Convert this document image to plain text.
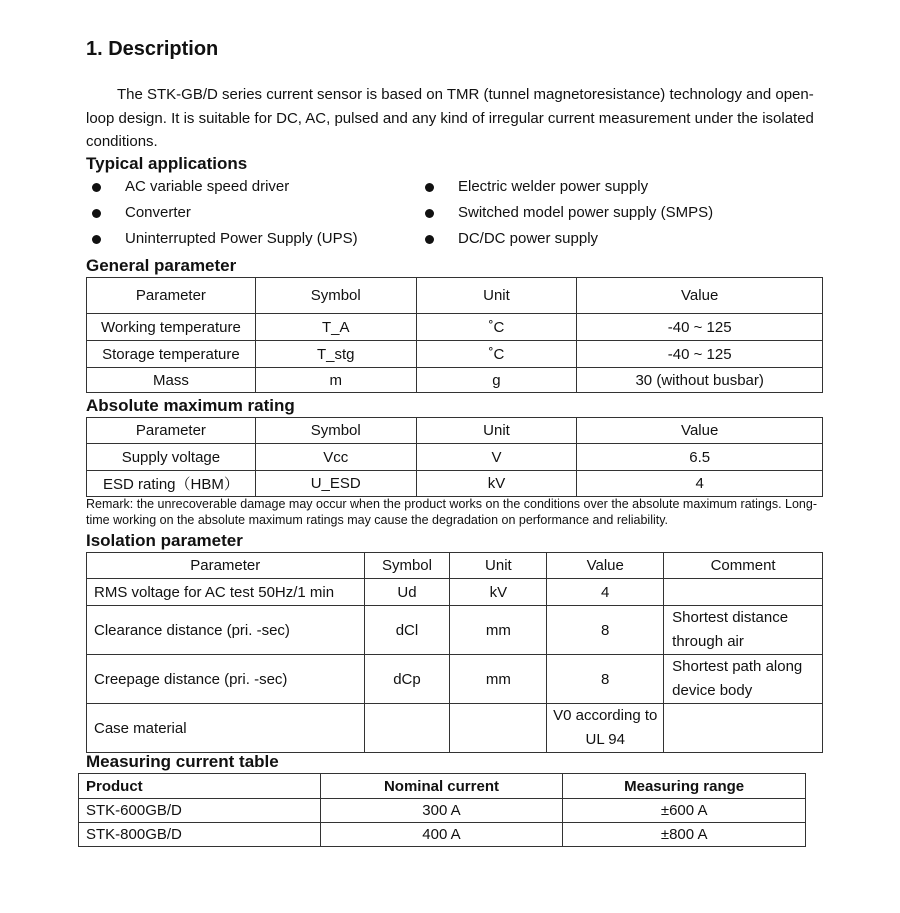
1. Description
The STK-GB/D series current sensor is based on TMR (tunnel magnetoresistance) technology and open-loop design. It is suitable for DC, AC, pulsed and any kind of irregular current measurement under the isolated conditions.
Typical applications
AC variable speed driver
Converter
Uninterrupted Power Supply (UPS)
Electric welder power supply
Switched model power supply (SMPS)
DC/DC power supply
General parameter
Parameter	Symbol	Unit	Value
Working temperature	T_A	˚C	-40 ~ 125
Storage temperature	T_stg	˚C	-40 ~ 125
Mass	m	g	30 (without busbar)
Absolute maximum rating
Parameter	Symbol	Unit	Value
Supply voltage	Vcc	V	6.5
ESD rating（HBM）	U_ESD	kV	4
Remark: the unrecoverable damage may occur when the product works on the conditions over the absolute maximum ratings. Long-time working on the absolute maximum ratings may cause the degradation on performance and reliability.
Isolation parameter
Parameter	Symbol	Unit	Value	Comment
RMS voltage for AC test 50Hz/1 min	Ud	kV	4	
Clearance distance (pri. -sec)	dCl	mm	8	Shortest distance through air
Creepage distance (pri. -sec)	dCp	mm	8	Shortest path along device body
Case material			V0 according to UL 94	
Measuring current table
Product	Nominal current	Measuring range
STK-600GB/D	300 A	±600 A
STK-800GB/D	400 A	±800 A
